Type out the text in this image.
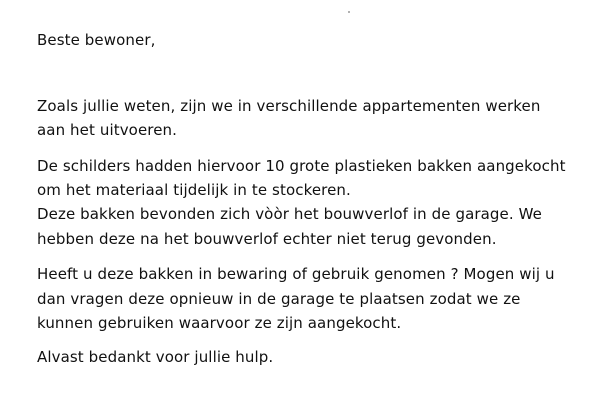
Beste bewoner,

Zoals jullie weten, zijn we in verschillende appartementen werken

aan het uitvoeren.

De schilders hadden hiervoor 10 grote plastieken bakken aangekocht

om het materiaal tijdelijk in te stockeren.

Deze bakken bevonden zich vòòr het bouwverlof in de garage. We

hebben deze na het bouwverlof echter niet terug gevonden.

Heeft u deze bakken in bewaring of gebruik genomen ? Mogen wij u

dan vragen deze opnieuw in de garage te plaatsen zodat we ze

kunnen gebruiken waarvoor ze zijn aangekocht.

Alvast bedankt voor jullie hulp.
